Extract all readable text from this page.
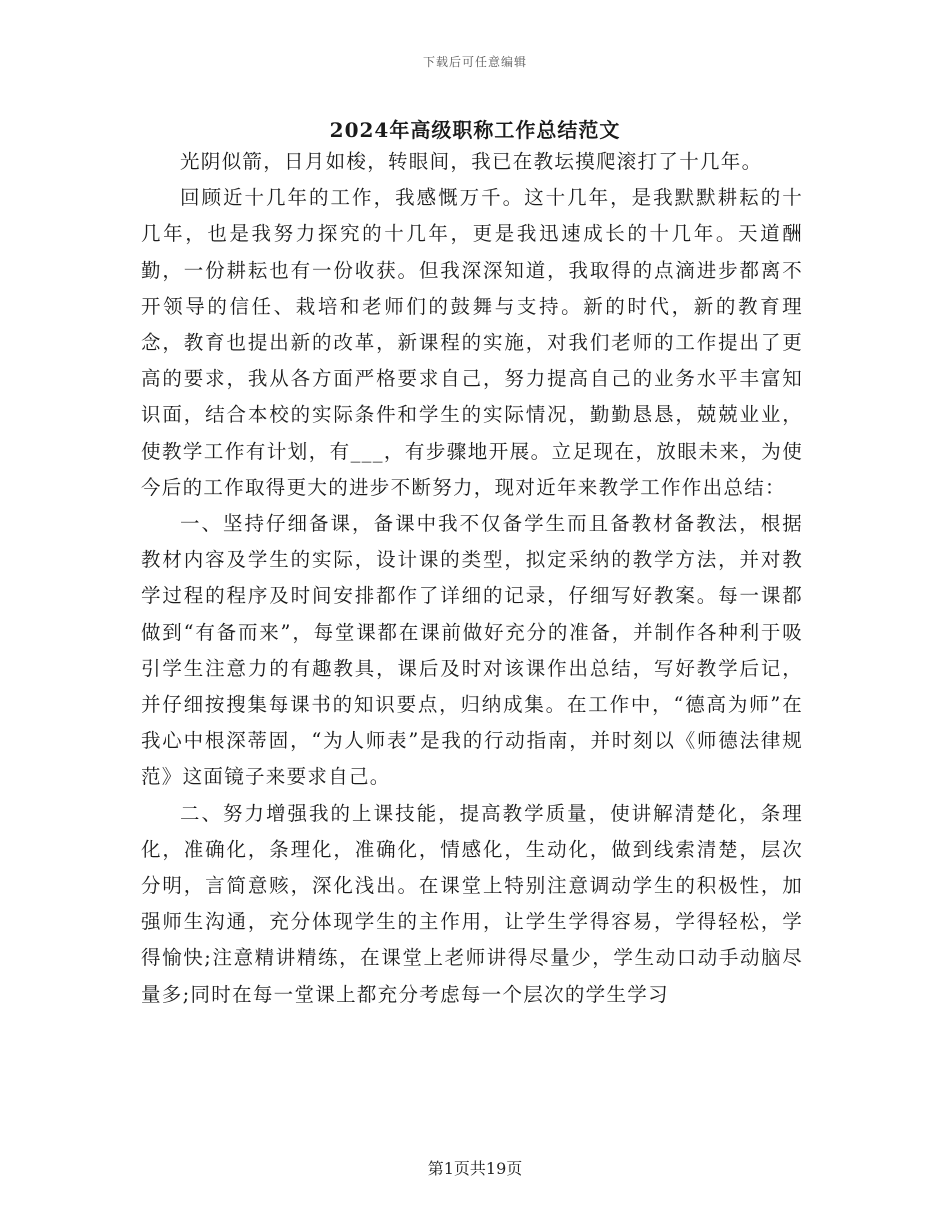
下载后可任意编辑
2024年高级职称工作总结范文

光阴似箭，日月如梭，转眼间，我已在教坛摸爬滚打了十几年。

回顾近十几年的工作，我感慨万千。这十几年，是我默默耕耘的十几年，也是我努力探究的十几年，更是我迅速成长的十几年。天道酬勤，一份耕耘也有一份收获。但我深深知道，我取得的点滴进步都离不开领导的信任、栽培和老师们的鼓舞与支持。新的时代，新的教育理念，教育也提出新的改革，新课程的实施，对我们老师的工作提出了更高的要求，我从各方面严格要求自己，努力提高自己的业务水平丰富知识面，结合本校的实际条件和学生的实际情况，勤勤恳恳，兢兢业业，使教学工作有计划，有___，有步骤地开展。立足现在，放眼未来，为使今后的工作取得更大的进步不断努力，现对近年来教学工作作出总结：

一、坚持仔细备课，备课中我不仅备学生而且备教材备教法，根据教材内容及学生的实际，设计课的类型，拟定采纳的教学方法，并对教学过程的程序及时间安排都作了详细的记录，仔细写好教案。每一课都做到“有备而来”，每堂课都在课前做好充分的准备，并制作各种利于吸引学生注意力的有趣教具，课后及时对该课作出总结，写好教学后记，并仔细按搜集每课书的知识要点，归纳成集。在工作中，“德高为师”在我心中根深蒂固，“为人师表”是我的行动指南，并时刻以《师德法律规范》这面镜子来要求自己。

二、努力增强我的上课技能，提高教学质量，使讲解清楚化，条理化，准确化，条理化，准确化，情感化，生动化，做到线索清楚，层次分明，言简意赅，深化浅出。在课堂上特别注意调动学生的积极性，加强师生沟通，充分体现学生的主作用，让学生学得容易，学得轻松，学得愉快;注意精讲精练，在课堂上老师讲得尽量少，学生动口动手动脑尽量多;同时在每一堂课上都充分考虑每一个层次的学生学习

第1页共19页
